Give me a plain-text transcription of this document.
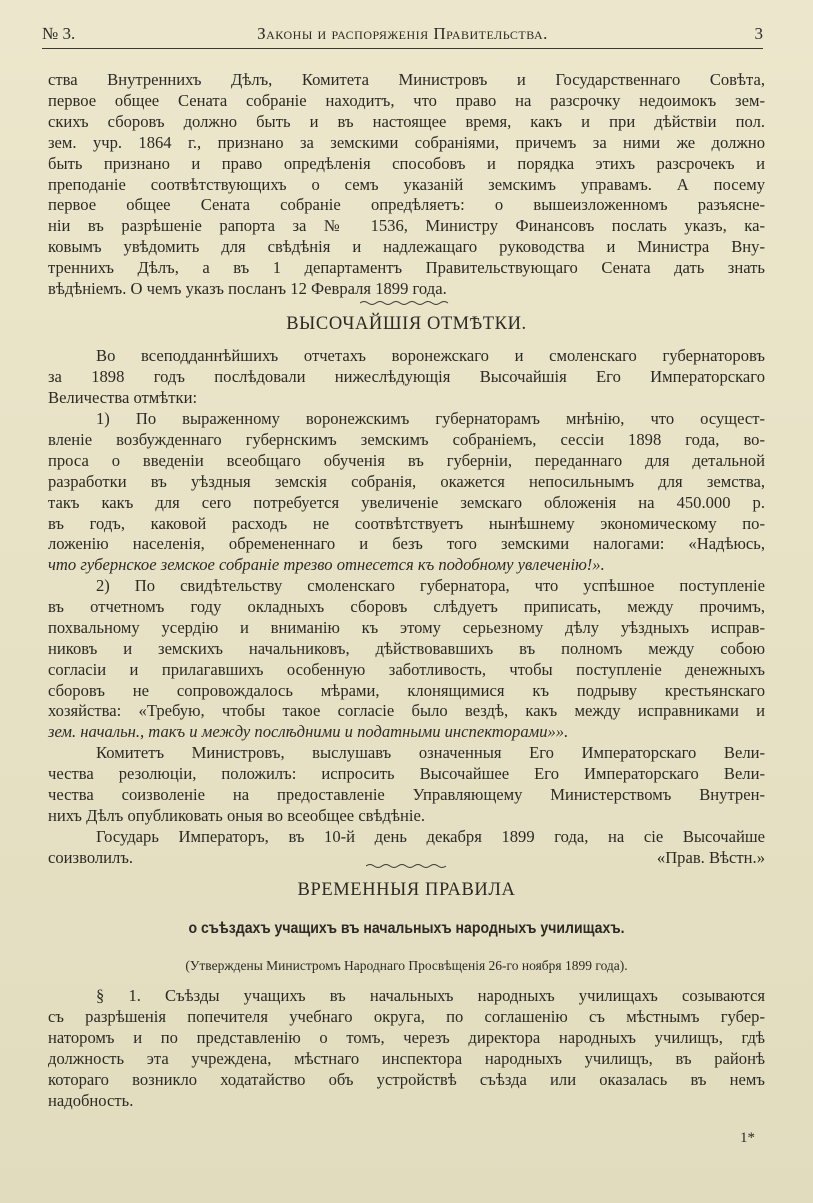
№ 3.	Законы и распоряженія Правительства.	3
ства Внутреннихъ Дѣлъ, Комитета Министровъ и Государственнаго Совѣта,
первое общее Сената собраніе находитъ, что право на разсрочку недоимокъ зем-
скихъ сборовъ должно быть и въ настоящее время, какъ и при дѣйствіи пол.
зем. учр. 1864 г., признано за земскими собраніями, причемъ за ними же должно
быть признано и право опредѣленія способовъ и порядка этихъ разсрочекъ и
преподаніе соотвѣтствующихъ о семъ указаній земскимъ управамъ. А посему
первое общее Сената собраніе опредѣляетъ: о вышеизложенномъ разъясне-
ніи въ разрѣшеніе рапорта за № 1536, Министру Финансовъ послать указъ, ка-
ковымъ увѣдомить для свѣдѣнія и надлежащаго руководства и Министра Вну-
треннихъ Дѣлъ, а въ 1 департаментъ Правительствующаго Сената дать знать
вѣдѣніемъ. О чемъ указъ посланъ 12 Февраля 1899 года.
ВЫСОЧАЙШІЯ ОТМѢТКИ.
Во всеподданнѣйшихъ отчетахъ воронежскаго и смоленскаго губернаторовъ
за 1898 годъ послѣдовали нижеслѣдующія Высочайшія Его Императорскаго
Величества отмѣтки:
1) По выраженному воронежскимъ губернаторамъ мнѣнію, что осущест-
вленіе возбужденнаго губернскимъ земскимъ собраніемъ, сессіи 1898 года, во-
проса о введеніи всеобщаго обученія въ губерніи, переданнаго для детальной
разработки въ уѣздныя земскія собранія, окажется непосильнымъ для земства,
такъ какъ для сего потребуется увеличеніе земскаго обложенія на 450.000 р.
въ годъ, каковой расходъ не соотвѣтствуетъ нынѣшнему экономическому по-
ложенію населенія, обремененнаго и безъ того земскими налогами: «Надѣюсь,
что губернское земское собраніе трезво отнесется къ подобному увлеченію!».
2) По свидѣтельству смоленскаго губернатора, что успѣшное поступленіе
въ отчетномъ году окладныхъ сборовъ слѣдуетъ приписать, между прочимъ,
похвальному усердію и вниманію къ этому серьезному дѣлу уѣздныхъ исправ-
никовъ и земскихъ начальниковъ, дѣйствовавшихъ въ полномъ между собою
согласіи и прилагавшихъ особенную заботливость, чтобы поступленіе денежныхъ
сборовъ не сопровождалось мѣрами, клонящимися къ подрыву крестьянскаго
хозяйства: «Требую, чтобы такое согласіе было вездѣ, какъ между исправниками и
зем. начальн., такъ и между послѣдними и податными инспекторами»».
Комитетъ Министровъ, выслушавъ означенныя Его Императорскаго Вели-
чества резолюціи, положилъ: испросить Высочайшее Его Императорскаго Вели-
чества соизволеніе на предоставленіе Управляющему Министерствомъ Внутрен-
нихъ Дѣлъ опубликовать оныя во всеобщее свѣдѣніе.
Государь Императоръ, въ 10-й день декабря 1899 года, на сіе Высочайше
соизволилъ.	«Прав. Вѣстн.»
ВРЕМЕННЫЯ ПРАВИЛА
о съѣздахъ учащихъ въ начальныхъ народныхъ училищахъ.
(Утверждены Министромъ Народнаго Просвѣщенія 26-го ноября 1899 года).
§ 1. Съѣзды учащихъ въ начальныхъ народныхъ училищахъ созываются
съ разрѣшенія попечителя учебнаго округа, по соглашенію съ мѣстнымъ губер-
наторомъ и по представленію о томъ, черезъ директора народныхъ училищъ, гдѣ
должность эта учреждена, мѣстнаго инспектора народныхъ училищъ, въ районѣ
котораго возникло ходатайство объ устройствѣ съѣзда или оказалась въ немъ
надобность.
1*
